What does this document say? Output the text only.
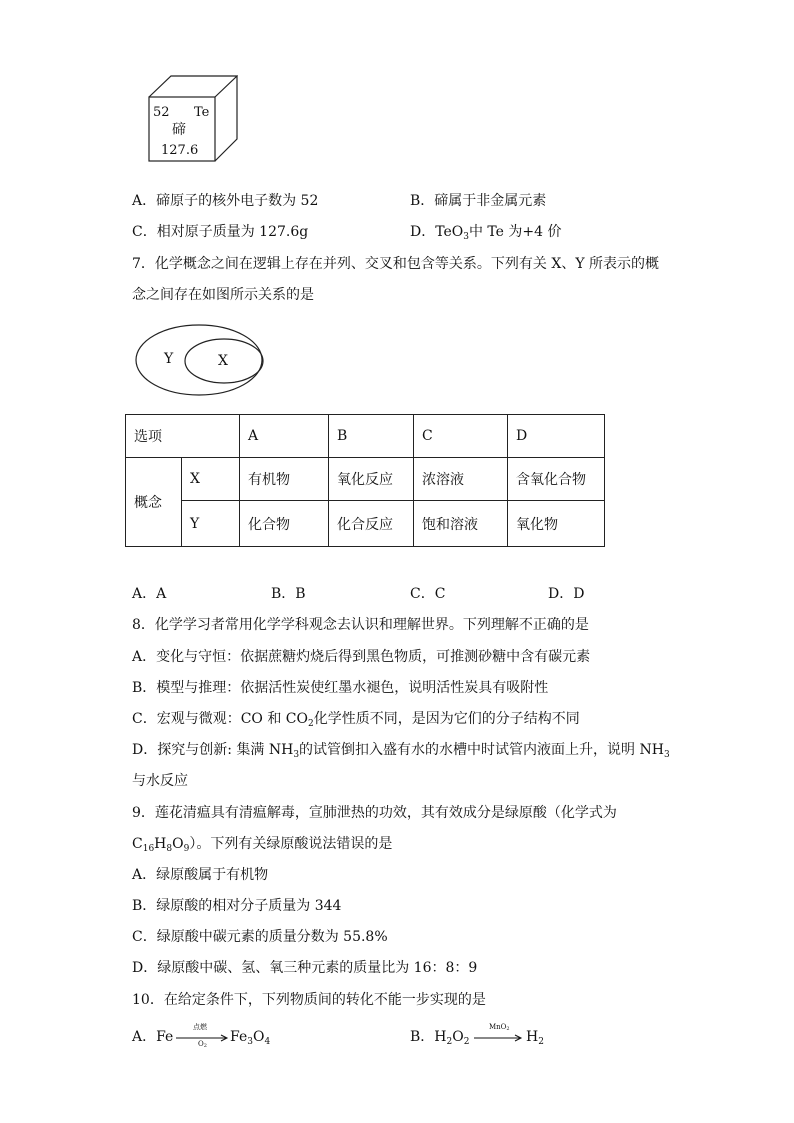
52 Te
碲
127.6
A．碲原子的核外电子数为 52	B．碲属于非金属元素
C．相对原子质量为 127.6g	D．TeO$_3$中 Te 为+4 价
7．化学概念之间在逻辑上存在并列、交叉和包含等关系。下列有关 X、Y 所表示的概
念之间存在如图所示关系的是
Y	X
选项		A	B	C	D
概念	X	有机物	氧化反应	浓溶液	含氧化合物
	Y	化合物	化合反应	饱和溶液	氧化物
A．A	B．B	C．C	D．D
8．化学学习者常用化学学科观念去认识和理解世界。下列理解不正确的是
A．变化与守恒：依据蔗糖灼烧后得到黑色物质，可推测砂糖中含有碳元素
B．模型与推理：依据活性炭使红墨水褪色，说明活性炭具有吸附性
C．宏观与微观：CO 和 $CO_2$化学性质不同，是因为它们的分子结构不同
D．探究与创新: 集满 $NH_3$的试管倒扣入盛有水的水槽中时试管内液面上升，说明 $NH_3$
与水反应
9．莲花清瘟具有清瘟解毒，宣肺泄热的功效，其有效成分是绿原酸（化学式为
$C_{16}H_8O_9$）。下列有关绿原酸说法错误的是
A．绿原酸属于有机物
B．绿原酸的相对分子质量为 344
C．绿原酸中碳元素的质量分数为 55.8%
D．绿原酸中碳、氢、氧三种元素的质量比为 16：8：9
10．在给定条件下，下列物质间的转化不能一步实现的是
A．Fe
点燃
$O_2$
$Fe_3O_4$	B．$H_2O_2$
$MnO_2 \to H_2$
